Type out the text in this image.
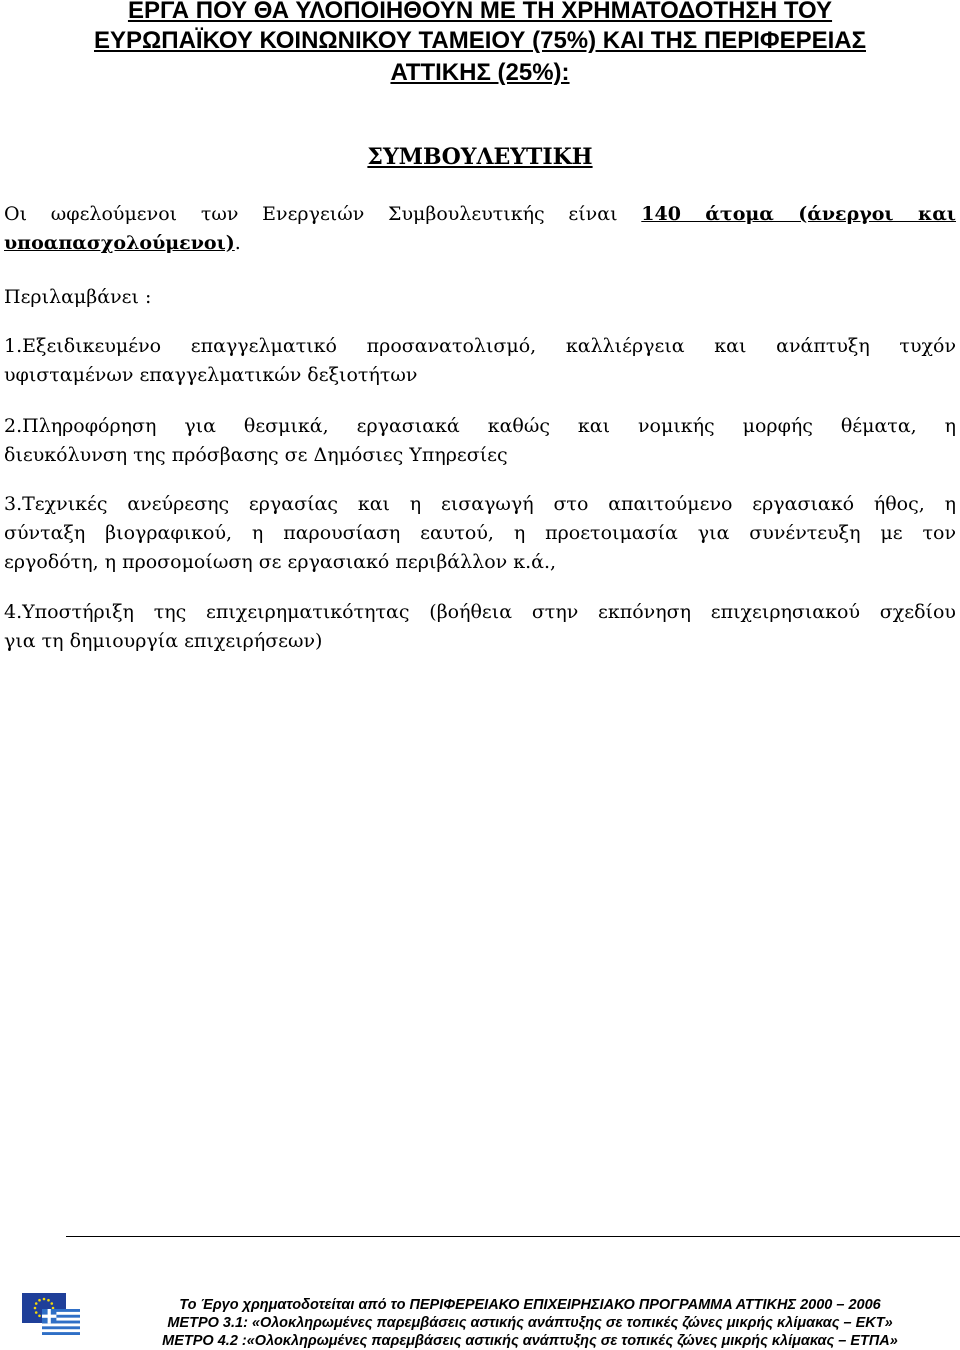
ΕΡΓΑ ΠΟΥ ΘΑ ΥΛΟΠΟΙΗΘΟΥΝ ΜΕ ΤΗ ΧΡΗΜΑΤΟΔΟΤΗΣΗ ΤΟΥ
ΕΥΡΩΠΑΪΚΟΥ ΚΟΙΝΩΝΙΚΟΥ ΤΑΜΕΙΟΥ (75%) ΚΑΙ ΤΗΣ ΠΕΡΙΦΕΡΕΙΑΣ
ΑΤΤΙΚΗΣ (25%):
ΣΥΜΒΟΥΛΕΥΤΙΚΗ

Οι ωφελούμενοι των Ενεργειών Συμβουλευτικής είναι 140 άτομα (άνεργοι και
υποαπασχολούμενοι).

Περιλαμβάνει :

1.Εξειδικευμένο επαγγελματικό προσανατολισμό, καλλιέργεια και ανάπτυξη τυχόν
υφισταμένων επαγγελματικών δεξιοτήτων

2.Πληροφόρηση για θεσμικά, εργασιακά καθώς και νομικής μορφής θέματα, η
διευκόλυνση της πρόσβασης σε Δημόσιες Υπηρεσίες

3.Τεχνικές ανεύρεσης εργασίας και η εισαγωγή στο απαιτούμενο εργασιακό ήθος, η
σύνταξη βιογραφικού, η παρουσίαση εαυτού, η προετοιμασία για συνέντευξη με τον
εργοδότη, η προσομοίωση σε εργασιακό περιβάλλον κ.ά.,

4.Υποστήριξη της επιχειρηματικότητας (βοήθεια στην εκπόνηση επιχειρησιακού σχεδίου
για τη δημιουργία επιχειρήσεων)

Το Έργο χρηματοδοτείται από το ΠΕΡΙΦΕΡΕΙΑΚΟ ΕΠΙΧΕΙΡΗΣΙΑΚΟ ΠΡΟΓΡΑΜΜΑ ΑΤΤΙΚΗΣ 2000 – 2006

ΜΕΤΡΟ 3.1: «Ολοκληρωμένες παρεμβάσεις αστικής ανάπτυξης σε τοπικές ζώνες μικρής κλίμακας – ΕΚΤ»

ΜΕΤΡΟ 4.2 :«Ολοκληρωμένες παρεμβάσεις αστικής ανάπτυξης σε τοπικές ζώνες μικρής κλίμακας – ΕΤΠΑ»
